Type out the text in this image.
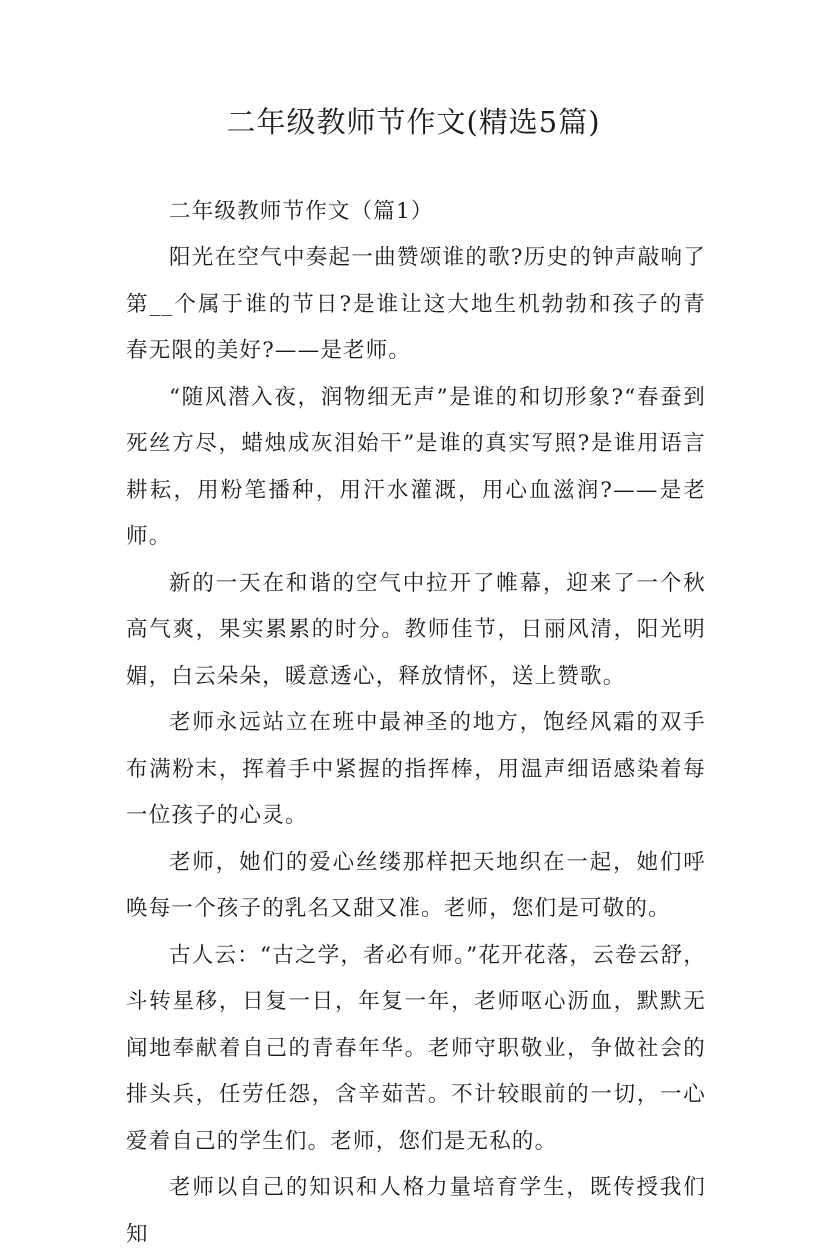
二年级教师节作文(精选5篇)

二年级教师节作文（篇1）

阳光在空气中奏起一曲赞颂谁的歌?历史的钟声敲响了第__个属于谁的节日?是谁让这大地生机勃勃和孩子的青春无限的美好?——是老师。

“随风潜入夜，润物细无声”是谁的和切形象?“春蚕到死丝方尽，蜡烛成灰泪始干”是谁的真实写照?是谁用语言耕耘，用粉笔播种，用汗水灌溉，用心血滋润?——是老师。

新的一天在和谐的空气中拉开了帷幕，迎来了一个秋高气爽，果实累累的时分。教师佳节，日丽风清，阳光明媚，白云朵朵，暖意透心，释放情怀，送上赞歌。

老师永远站立在班中最神圣的地方，饱经风霜的双手布满粉末，挥着手中紧握的指挥棒，用温声细语感染着每一位孩子的心灵。

老师，她们的爱心丝缕那样把天地织在一起，她们呼唤每一个孩子的乳名又甜又准。老师，您们是可敬的。

古人云：“古之学，者必有师。”花开花落，云卷云舒，斗转星移，日复一日，年复一年，老师呕心沥血，默默无闻地奉献着自己的青春年华。老师守职敬业，争做社会的排头兵，任劳任怨，含辛茹苦。不计较眼前的一切，一心爱着自己的学生们。老师，您们是无私的。

老师以自己的知识和人格力量培育学生，既传授我们知
